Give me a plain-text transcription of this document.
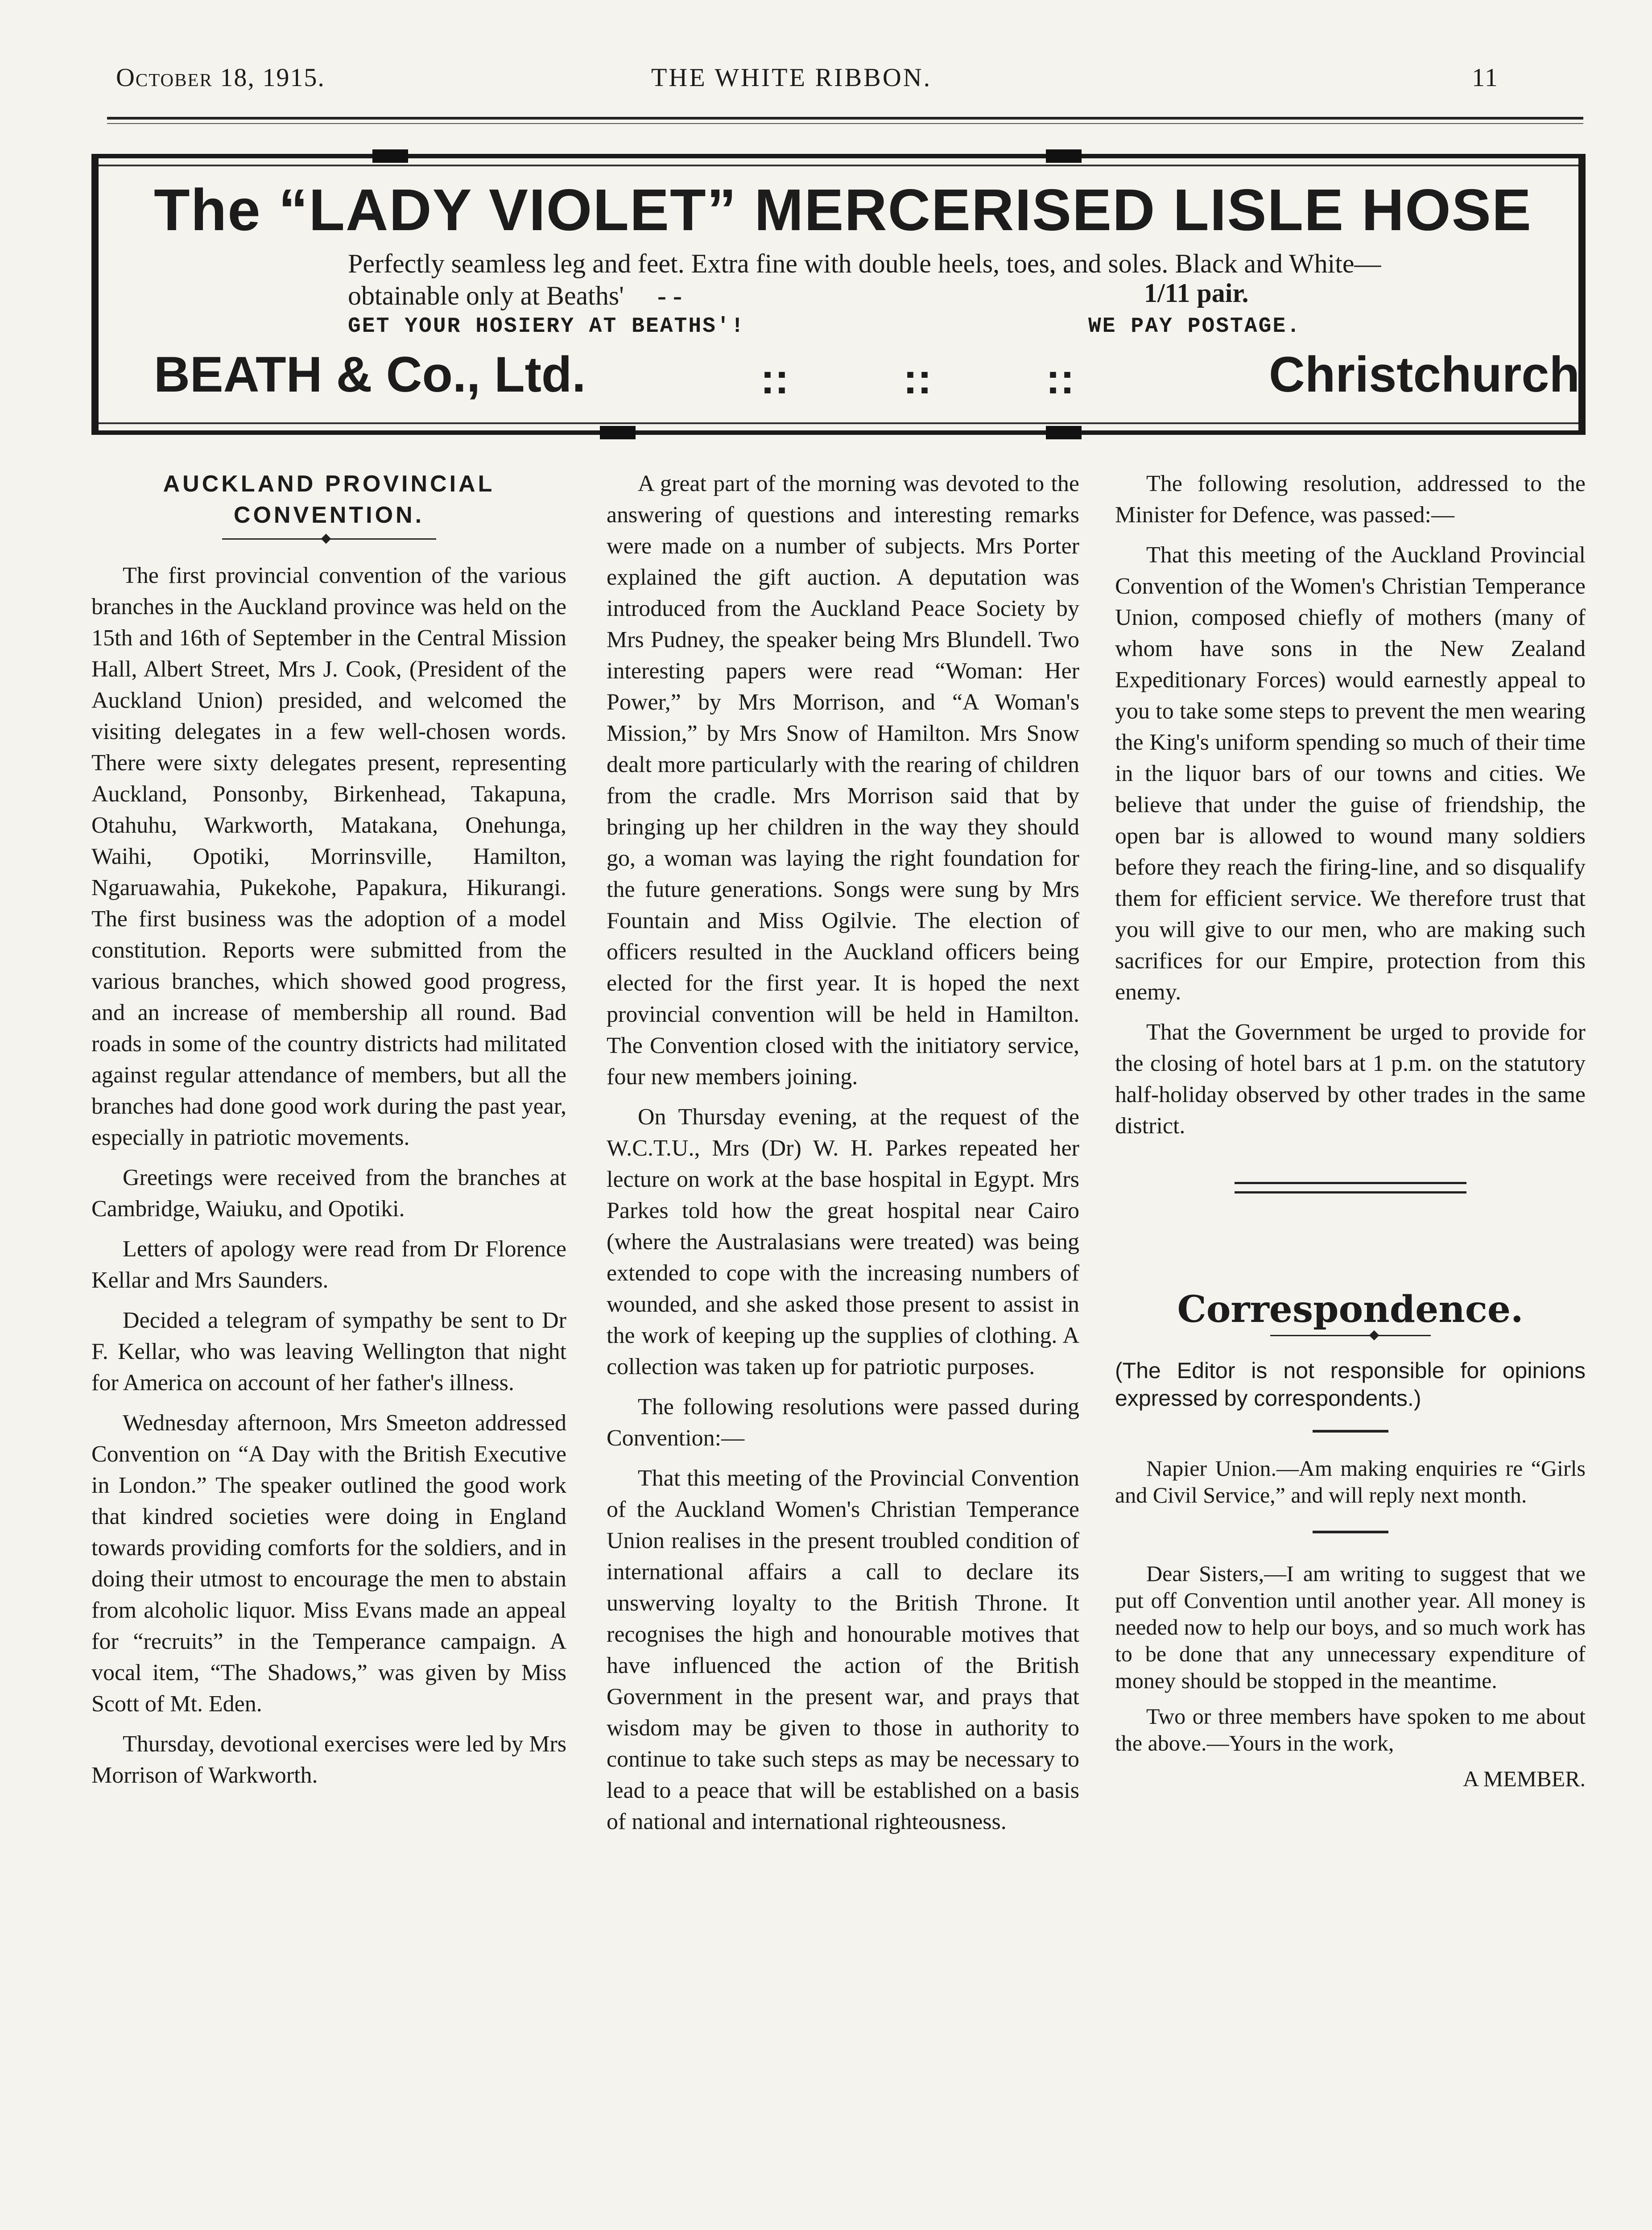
October 18, 1915.	THE WHITE RIBBON.	11
The “LADY VIOLET” MERCERISED LISLE HOSE
Perfectly seamless leg and feet. Extra fine with double heels, toes, and soles. Black and White—obtainable only at Beaths' - -	1/11 pair.
GET YOUR HOSIERY AT BEATHS'!	WE PAY POSTAGE.
BEATH & Co., Ltd.	::	::	::	Christchurch
AUCKLAND PROVINCIAL CONVENTION.

The first provincial convention of the various branches in the Auckland province was held on the 15th and 16th of September in the Central Mission Hall, Albert Street, Mrs J. Cook, (President of the Auckland Union) presided, and welcomed the visiting delegates in a few well-chosen words. There were sixty delegates present, representing Auckland, Ponsonby, Birkenhead, Takapuna, Otahuhu, Warkworth, Matakana, Onehunga, Waihi, Opotiki, Morrinsville, Hamilton, Ngaruawahia, Pukekohe, Papakura, Hikurangi. The first business was the adoption of a model constitution. Reports were submitted from the various branches, which showed good progress, and an increase of membership all round. Bad roads in some of the country districts had militated against regular attendance of members, but all the branches had done good work during the past year, especially in patriotic movements.

Greetings were received from the branches at Cambridge, Waiuku, and Opotiki.

Letters of apology were read from Dr Florence Kellar and Mrs Saunders.

Decided a telegram of sympathy be sent to Dr F. Kellar, who was leaving Wellington that night for America on account of her father's illness.

Wednesday afternoon, Mrs Smeeton addressed Convention on “A Day with the British Executive in London.” The speaker outlined the good work that kindred societies were doing in England towards providing comforts for the soldiers, and in doing their utmost to encourage the men to abstain from alcoholic liquor. Miss Evans made an appeal for “recruits” in the Temperance campaign. A vocal item, “The Shadows,” was given by Miss Scott of Mt. Eden.

Thursday, devotional exercises were led by Mrs Morrison of Warkworth.

A great part of the morning was devoted to the answering of questions and interesting remarks were made on a number of subjects. Mrs Porter explained the gift auction. A deputation was introduced from the Auckland Peace Society by Mrs Pudney, the speaker being Mrs Blundell. Two interesting papers were read “Woman: Her Power,” by Mrs Morrison, and “A Woman's Mission,” by Mrs Snow of Hamilton. Mrs Snow dealt more particularly with the rearing of children from the cradle. Mrs Morrison said that by bringing up her children in the way they should go, a woman was laying the right foundation for the future generations. Songs were sung by Mrs Fountain and Miss Ogilvie. The election of officers resulted in the Auckland officers being elected for the first year. It is hoped the next provincial convention will be held in Hamilton. The Convention closed with the initiatory service, four new members joining.

On Thursday evening, at the request of the W.C.T.U., Mrs (Dr) W. H. Parkes repeated her lecture on work at the base hospital in Egypt. Mrs Parkes told how the great hospital near Cairo (where the Australasians were treated) was being extended to cope with the increasing numbers of wounded, and she asked those present to assist in the work of keeping up the supplies of clothing. A collection was taken up for patriotic purposes.

The following resolutions were passed during Convention:—

That this meeting of the Provincial Convention of the Auckland Women's Christian Temperance Union realises in the present troubled condition of international affairs a call to declare its unswerving loyalty to the British Throne. It recognises the high and honourable motives that have influenced the action of the British Government in the present war, and prays that wisdom may be given to those in authority to continue to take such steps as may be necessary to lead to a peace that will be established on a basis of national and international righteousness.

The following resolution, addressed to the Minister for Defence, was passed:—

That this meeting of the Auckland Provincial Convention of the Women's Christian Temperance Union, composed chiefly of mothers (many of whom have sons in the New Zealand Expeditionary Forces) would earnestly appeal to you to take some steps to prevent the men wearing the King's uniform spending so much of their time in the liquor bars of our towns and cities. We believe that under the guise of friendship, the open bar is allowed to wound many soldiers before they reach the firing-line, and so disqualify them for efficient service. We therefore trust that you will give to our men, who are making such sacrifices for our Empire, protection from this enemy.

That the Government be urged to provide for the closing of hotel bars at 1 p.m. on the statutory half-holiday observed by other trades in the same district.

Correspondence.

(The Editor is not responsible for opinions expressed by correspondents.)

Napier Union.—Am making enquiries re “Girls and Civil Service,” and will reply next month.

Dear Sisters,—I am writing to suggest that we put off Convention until another year. All money is needed now to help our boys, and so much work has to be done that any unnecessary expenditure of money should be stopped in the meantime.

Two or three members have spoken to me about the above.—Yours in the work,

A MEMBER.
